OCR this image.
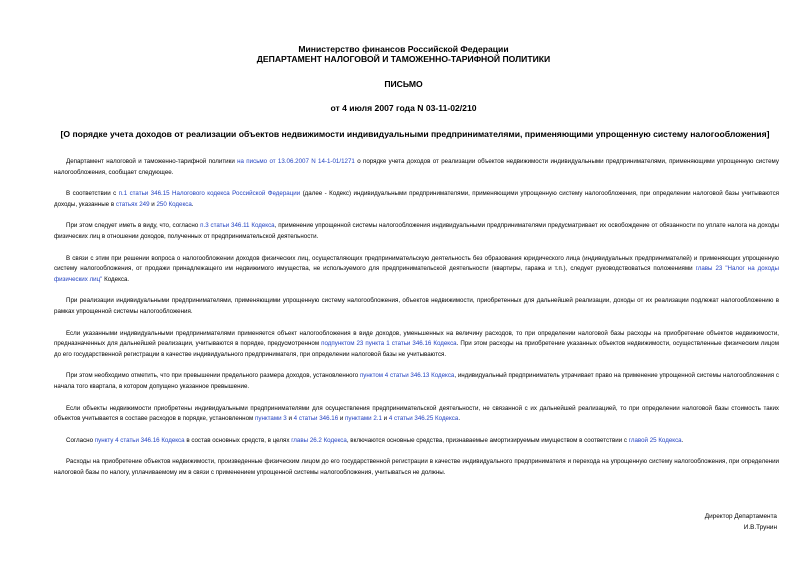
Министерство финансов Российской Федерации
ДЕПАРТАМЕНТ НАЛОГОВОЙ И ТАМОЖЕННО-ТАРИФНОЙ ПОЛИТИКИ
ПИСЬМО
от 4 июля 2007 года N 03-11-02/210
[О порядке учета доходов от реализации объектов недвижимости индивидуальными предпринимателями, применяющими упрощенную систему налогообложения]

Департамент налоговой и таможенно-тарифной политики на письмо от 13.06.2007 N 14-1-01/1271 о порядке учета доходов от реализации объектов недвижимости индивидуальными предпринимателями, применяющими упрощенную систему налогообложения, сообщает следующее.

В соответствии с п.1 статьи 346.15 Налогового кодекса Российской Федерации (далее - Кодекс) индивидуальными предпринимателями, применяющими упрощенную систему налогообложения, при определении налоговой базы учитываются доходы, указанные в статьях 249 и 250 Кодекса.

При этом следует иметь в виду, что, согласно п.3 статьи 346.11 Кодекса, применение упрощенной системы налогообложения индивидуальными предпринимателями предусматривает их освобождение от обязанности по уплате налога на доходы физических лиц в отношении доходов, полученных от предпринимательской деятельности.

В связи с этим при решении вопроса о налогообложении доходов физических лиц, осуществляющих предпринимательскую деятельность без образования юридического лица (индивидуальных предпринимателей) и применяющих упрощенную систему налогообложения, от продажи принадлежащего им недвижимого имущества, не используемого для предпринимательской деятельности (квартиры, гаража и т.п.), следует руководствоваться положениями главы 23 "Налог на доходы физических лиц" Кодекса.

При реализации индивидуальными предпринимателями, применяющими упрощенную систему налогообложения, объектов недвижимости, приобретенных для дальнейшей реализации, доходы от их реализации подлежат налогообложению в рамках упрощенной системы налогообложения.

Если указанными индивидуальными предпринимателями применяется объект налогообложения в виде доходов, уменьшенных на величину расходов, то при определении налоговой базы расходы на приобретение объектов недвижимости, предназначенных для дальнейшей реализации, учитываются в порядке, предусмотренном подпунктом 23 пункта 1 статьи 346.16 Кодекса. При этом расходы на приобретение указанных объектов недвижимости, осуществленные физическим лицом до его государственной регистрации в качестве индивидуального предпринимателя, при определении налоговой базы не учитываются.

При этом необходимо отметить, что при превышении предельного размера доходов, установленного пунктом 4 статьи 346.13 Кодекса, индивидуальный предприниматель утрачивает право на применение упрощенной системы налогообложения с начала того квартала, в котором допущено указанное превышение.

Если объекты недвижимости приобретены индивидуальными предпринимателями для осуществления предпринимательской деятельности, не связанной с их дальнейшей реализацией, то при определении налоговой базы стоимость таких объектов учитывается в составе расходов в порядке, установленном пунктами 3 и 4 статьи 346.16 и пунктами 2.1 и 4 статьи 346.25 Кодекса.

Согласно пункту 4 статьи 346.16 Кодекса в состав основных средств, в целях главы 26.2 Кодекса, включаются основные средства, признаваемые амортизируемым имуществом в соответствии с главой 25 Кодекса.

Расходы на приобретение объектов недвижимости, произведенные физическим лицом до его государственной регистрации в качестве индивидуального предпринимателя и перехода на упрощенную систему налогообложения, при определении налоговой базы по налогу, уплачиваемому им в связи с применением упрощенной системы налогообложения, учитываться не должны.

Директор Департамента
И.В.Трунин
